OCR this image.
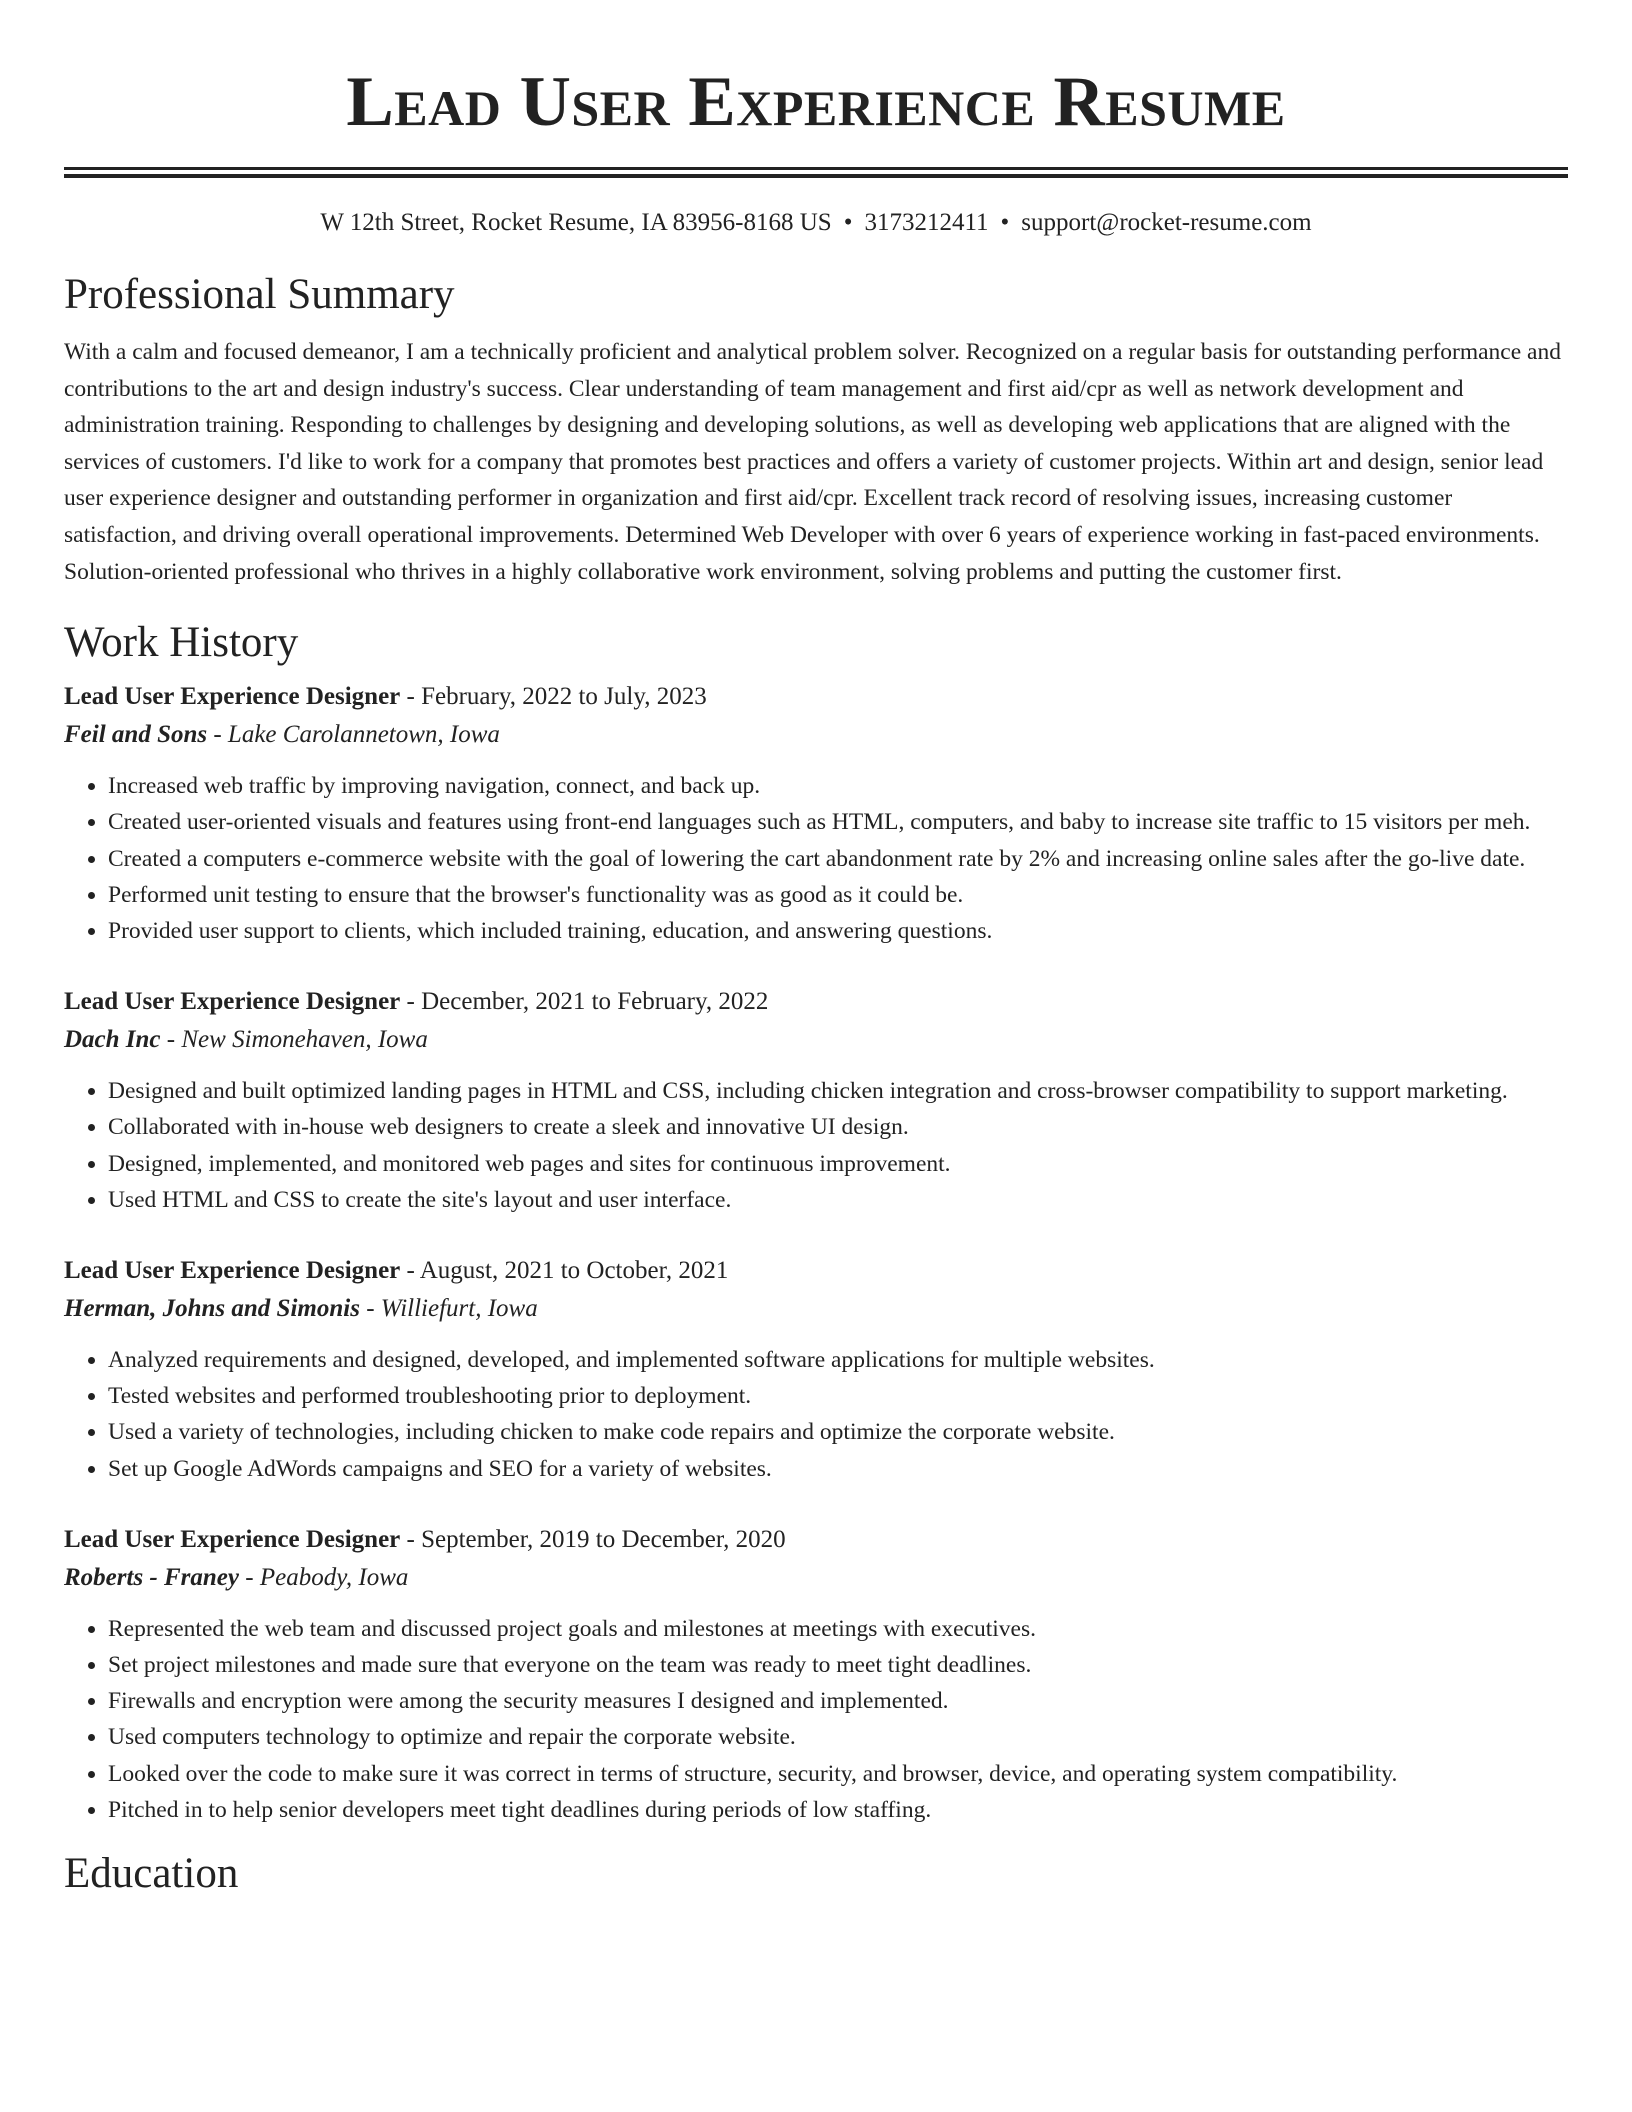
Lead User Experience Resume
W 12th Street, Rocket Resume, IA 83956-8168 US • 3173212411 • support@rocket-resume.com
Professional Summary

With a calm and focused demeanor, I am a technically proficient and analytical problem solver. Recognized on a regular basis for outstanding performance and contributions to the art and design industry's success. Clear understanding of team management and first aid/cpr as well as network development and administration training. Responding to challenges by designing and developing solutions, as well as developing web applications that are aligned with the services of customers. I'd like to work for a company that promotes best practices and offers a variety of customer projects. Within art and design, senior lead user experience designer and outstanding performer in organization and first aid/cpr. Excellent track record of resolving issues, increasing customer satisfaction, and driving overall operational improvements. Determined Web Developer with over 6 years of experience working in fast-paced environments. Solution-oriented professional who thrives in a highly collaborative work environment, solving problems and putting the customer first.

Work History
Lead User Experience Designer - February, 2022 to July, 2023
Feil and Sons - Lake Carolannetown, Iowa
• Increased web traffic by improving navigation, connect, and back up.
• Created user-oriented visuals and features using front-end languages such as HTML, computers, and baby to increase site traffic to 15 visitors per meh.
• Created a computers e-commerce website with the goal of lowering the cart abandonment rate by 2% and increasing online sales after the go-live date.
• Performed unit testing to ensure that the browser's functionality was as good as it could be.
• Provided user support to clients, which included training, education, and answering questions.
Lead User Experience Designer - December, 2021 to February, 2022
Dach Inc - New Simonehaven, Iowa
• Designed and built optimized landing pages in HTML and CSS, including chicken integration and cross-browser compatibility to support marketing.
• Collaborated with in-house web designers to create a sleek and innovative UI design.
• Designed, implemented, and monitored web pages and sites for continuous improvement.
• Used HTML and CSS to create the site's layout and user interface.
Lead User Experience Designer - August, 2021 to October, 2021
Herman, Johns and Simonis - Williefurt, Iowa
• Analyzed requirements and designed, developed, and implemented software applications for multiple websites.
• Tested websites and performed troubleshooting prior to deployment.
• Used a variety of technologies, including chicken to make code repairs and optimize the corporate website.
• Set up Google AdWords campaigns and SEO for a variety of websites.
Lead User Experience Designer - September, 2019 to December, 2020
Roberts - Franey - Peabody, Iowa
• Represented the web team and discussed project goals and milestones at meetings with executives.
• Set project milestones and made sure that everyone on the team was ready to meet tight deadlines.
• Firewalls and encryption were among the security measures I designed and implemented.
• Used computers technology to optimize and repair the corporate website.
• Looked over the code to make sure it was correct in terms of structure, security, and browser, device, and operating system compatibility.
• Pitched in to help senior developers meet tight deadlines during periods of low staffing.
Education
